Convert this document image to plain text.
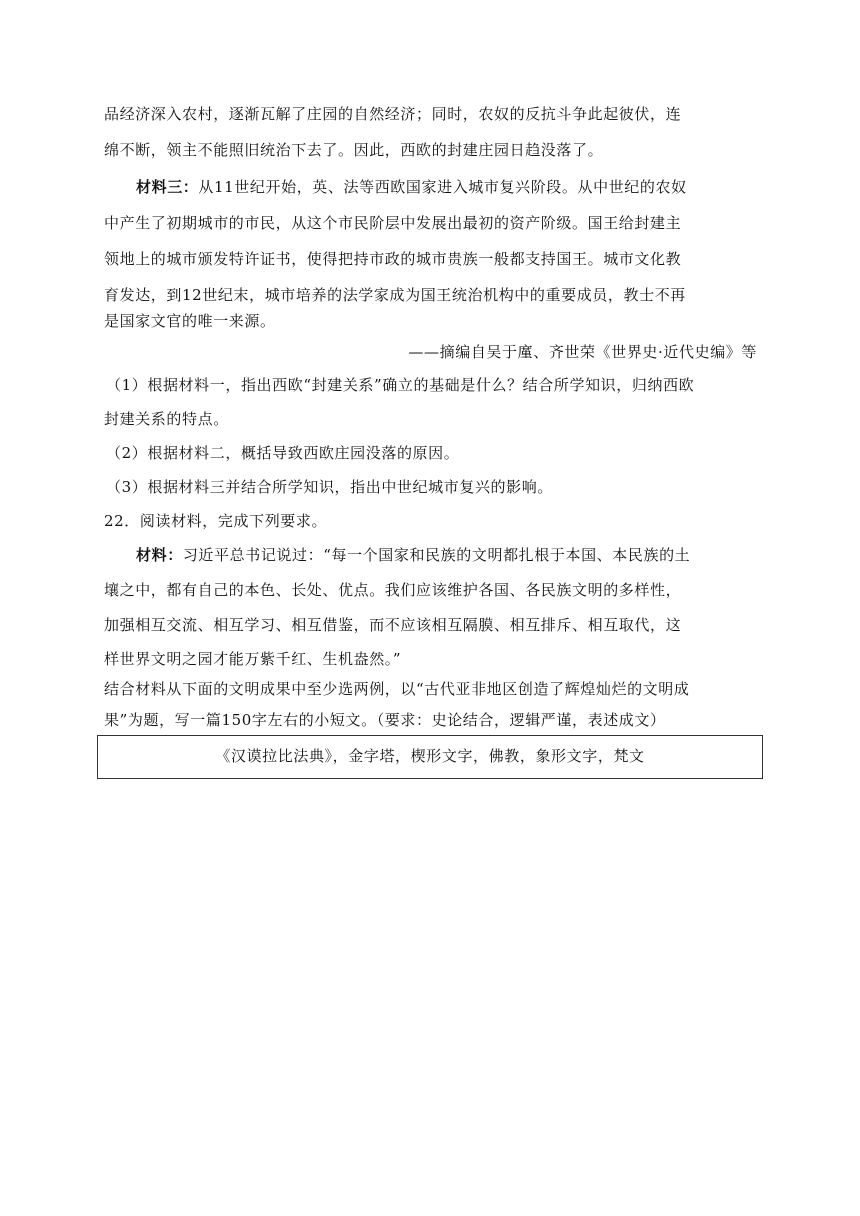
品经济深入农村，逐渐瓦解了庄园的自然经济；同时，农奴的反抗斗争此起彼伏，连
绵不断，领主不能照旧统治下去了。因此，西欧的封建庄园日趋没落了。
材料三：从11世纪开始，英、法等西欧国家进入城市复兴阶段。从中世纪的农奴
中产生了初期城市的市民，从这个市民阶层中发展出最初的资产阶级。国王给封建主
领地上的城市颁发特许证书，使得把持市政的城市贵族一般都支持国王。城市文化教
育发达，到12世纪末，城市培养的法学家成为国王统治机构中的重要成员，教士不再
是国家文官的唯一来源。
——摘编自吴于廑、齐世荣《世界史·近代史编》等
（1）根据材料一，指出西欧“封建关系”确立的基础是什么？结合所学知识，归纳西欧
封建关系的特点。
（2）根据材料二，概括导致西欧庄园没落的原因。
（3）根据材料三并结合所学知识，指出中世纪城市复兴的影响。
22．阅读材料，完成下列要求。
材料：习近平总书记说过：“每一个国家和民族的文明都扎根于本国、本民族的土
壤之中，都有自己的本色、长处、优点。我们应该维护各国、各民族文明的多样性，
加强相互交流、相互学习、相互借鉴，而不应该相互隔膜、相互排斥、相互取代，这
样世界文明之园才能万紫千红、生机盎然。”
结合材料从下面的文明成果中至少选两例，以“古代亚非地区创造了辉煌灿烂的文明成
果”为题，写一篇150字左右的小短文。（要求：史论结合，逻辑严谨，表述成文）
《汉谟拉比法典》，金字塔，楔形文字，佛教，象形文字，梵文
